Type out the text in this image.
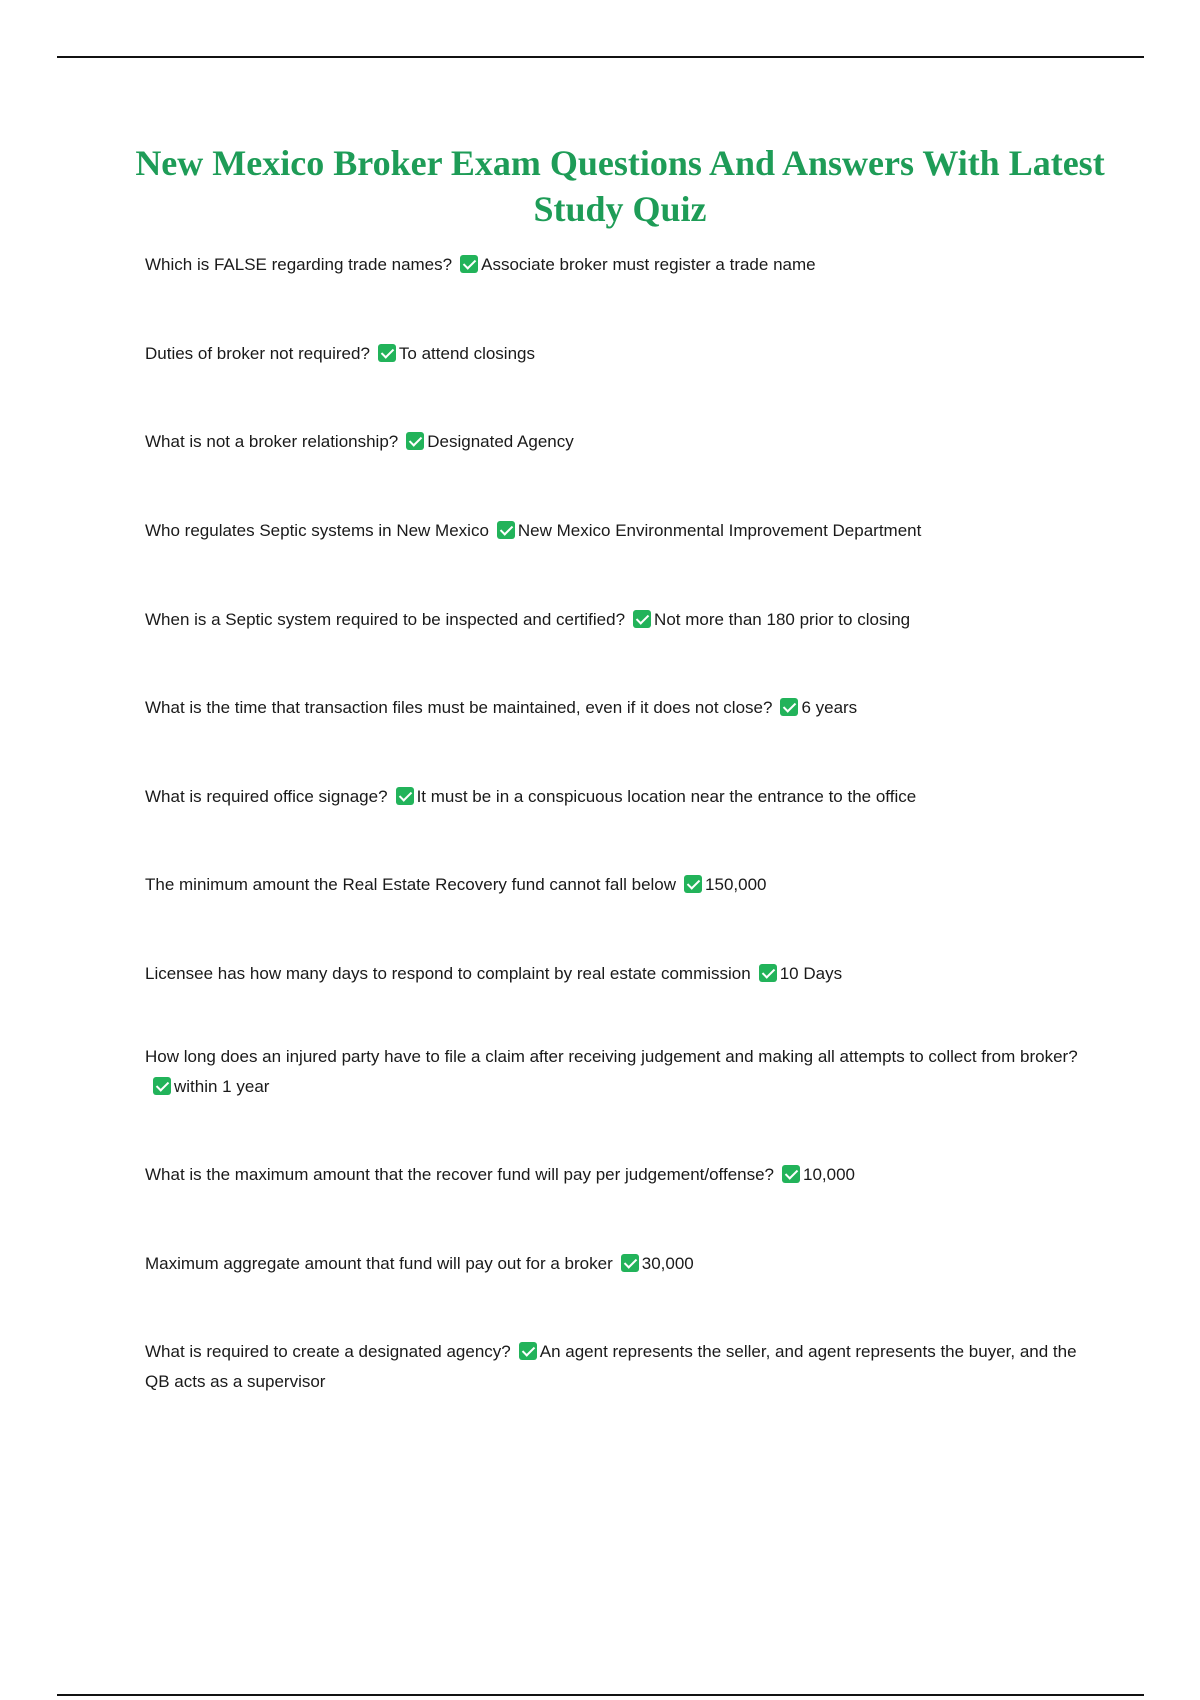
New Mexico Broker Exam Questions And Answers With Latest Study Quiz

Which is FALSE regarding trade names? Associate broker must register a trade name

Duties of broker not required? To attend closings

What is not a broker relationship? Designated Agency

Who regulates Septic systems in New Mexico New Mexico Environmental Improvement Department

When is a Septic system required to be inspected and certified? Not more than 180 prior to closing

What is the time that transaction files must be maintained, even if it does not close? 6 years

What is required office signage? It must be in a conspicuous location near the entrance to the office

The minimum amount the Real Estate Recovery fund cannot fall below 150,000

Licensee has how many days to respond to complaint by real estate commission 10 Days

How long does an injured party have to file a claim after receiving judgement and making all attempts to collect from broker?within 1 year

What is the maximum amount that the recover fund will pay per judgement/offense? 10,000

Maximum aggregate amount that fund will pay out for a broker 30,000

What is required to create a designated agency? An agent represents the seller, and agent represents the buyer, and the QB acts as a supervisor
